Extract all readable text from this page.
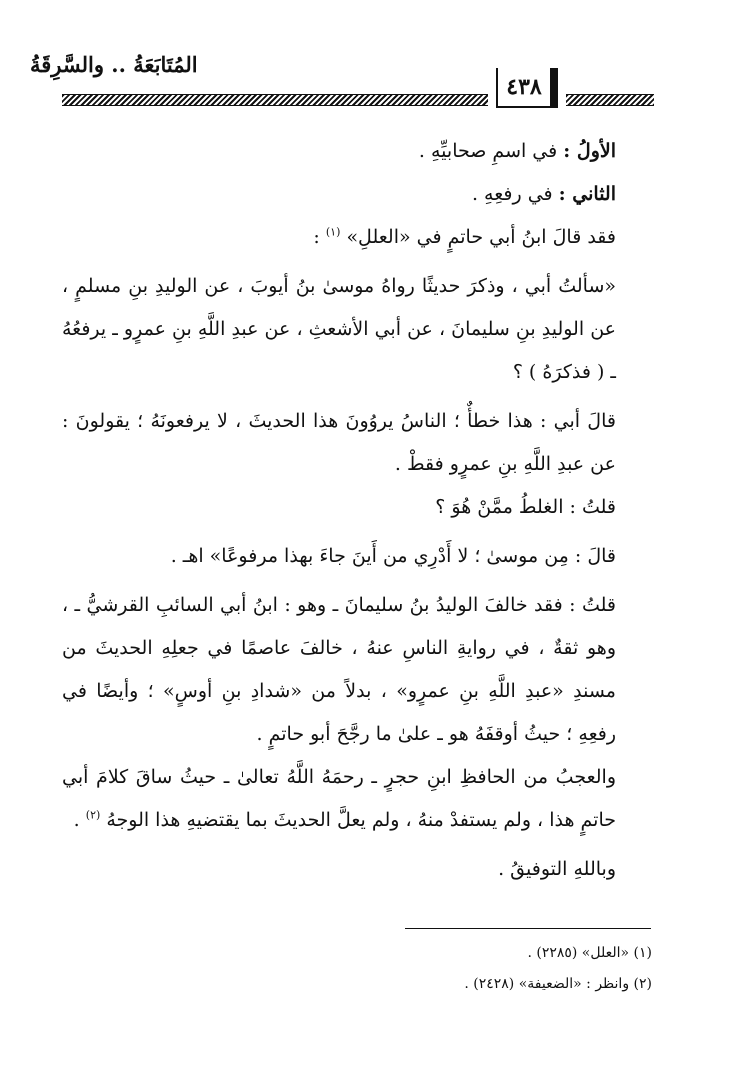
المُتَابَعَةُ .. والسَّرِقَةُ
٤٣٨

الأولُ : في اسمِ صحابيِّهِ .

الثاني : في رفعِهِ .

فقد قالَ ابنُ أبي حاتمٍ في «العللِ» $^{(١)}$ :

«سألتُ أبي ، وذكرَ حديثًا رواهُ موسىٰ بنُ أيوبَ ، عن الوليدِ بنِ مسلمٍ ، عن الوليدِ بنِ سليمانَ ، عن أبي الأشعثِ ، عن عبدِ اللَّهِ بنِ عمرٍو ـ يرفعُهُ ـ ( فذكرَهُ ) ؟

قالَ أبي : هذا خطأٌ ؛ الناسُ يروُونَ هذا الحديثَ ، لا يرفعونَهُ ؛ يقولونَ : عن عبدِ اللَّهِ بنِ عمرٍو فقطْ .

قلتُ : الغلطُ ممَّنْ هُوَ ؟

قالَ : مِن موسىٰ ؛ لا أَدْرِي من أَينَ جاءَ بهذا مرفوعًا» اهـ .

قلتُ : فقد خالفَ الوليدُ بنُ سليمانَ ـ وهو : ابنُ أبي السائبِ القرشيُّ ـ ، وهو ثقةٌ ، في روايةِ الناسِ عنهُ ، خالفَ عاصمًا في جعلِهِ الحديثَ من مسندِ «عبدِ اللَّهِ بنِ عمرٍو» ، بدلاً من «شدادِ بنِ أوسٍ» ؛ وأيضًا في رفعِهِ ؛ حيثُ أوقفَهُ هو ـ علىٰ ما رجَّحَ أبو حاتمٍ .

والعجبُ من الحافظِ ابنِ حجرٍ ـ رحمَهُ اللَّهُ تعالىٰ ـ حيثُ ساقَ كلامَ أبي حاتمٍ هذا ، ولم يستفدْ منهُ ، ولم يعلَّ الحديثَ بما يقتضيهِ هذا الوجهُ $^{(٢)}$ .

وباللهِ التوفيقُ .

(١) «العلل» (٢٢٨٥) .

(٢) وانظر : «الضعيفة» (٢٤٢٨) .
